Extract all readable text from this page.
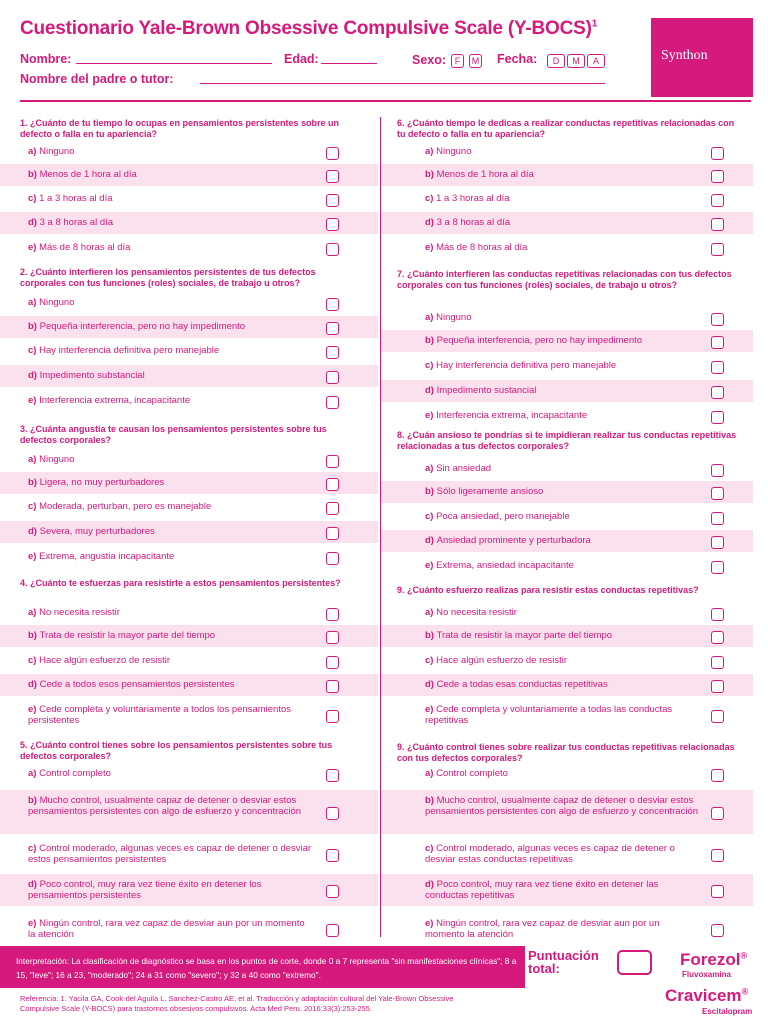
Cuestionario Yale-Brown Obsessive Compulsive Scale (Y-BOCS)$^1$
Synthon
Nombre:	Edad:	Sexo: F	M Fecha:	D	M	A
Nombre del padre o tutor:
1. ¿Cuánto de tu tiempo lo ocupas en pensamientos persistentes sobre un defecto o falla en tu apariencia?
a) Ninguno
b) Menos de 1 hora al día
c) 1 a 3 horas al día
d) 3 a 8 horas al día
e) Más de 8 horas al día
2. ¿Cuánto interfieren los pensamientos persistentes de tus defectos corporales con tus funciones (roles) sociales, de trabajo u otros?
a) Ninguno
b) Pequeña interferencia, pero no hay impedimento
c) Hay interferencia definitiva pero manejable
d) Impedimento substancial
e) Interferencia extrema, incapacitante
3. ¿Cuánta angustia te causan los pensamientos persistentes sobre tus defectos corporales?
a) Ninguno
b) Ligera, no muy perturbadores
c) Moderada, perturban, pero es manejable
d) Severa, muy perturbadores
e) Extrema, angustia incapacitante
4. ¿Cuánto te esfuerzas para resistirte a estos pensamientos persistentes?
a) No necesita resistir
b) Trata de resistir la mayor parte del tiempo
c) Hace algún esfuerzo de resistir
d) Cede a todos esos pensamientos persistentes
e) Cede completa y voluntariamente a todos los pensamientos persistentes
5. ¿Cuánto control tienes sobre los pensamientos persistentes sobre tus defectos corporales?
a) Control completo
b) Mucho control, usualmente capaz de detener o desviar estos pensamientos persistentes con algo de esfuerzo y concentración
c) Control moderado, algunas veces es capaz de detener o desviar estos pensamientos persistentes
d) Poco control, muy rara vez tiene éxito en detener los pensamientos persistentes
e) Ningún control, rara vez capaz de desviar aun por un momento la atención
6. ¿Cuánto tiempo le dedicas a realizar conductas repetitivas relacionadas con tu defecto o falla en tu apariencia?
a) Ninguno
b) Menos de 1 hora al día
c) 1 a 3 horas al día
d) 3 a 8 horas al día
e) Más de 8 horas al día
7. ¿Cuánto interfieren las conductas repetitivas relacionadas con tus defectos corporales con tus funciones (roles) sociales, de trabajo u otros?
a) Ninguno
b) Pequeña interferencia, pero no hay impedimento
c) Hay interferencia definitiva pero manejable
d) Impedimento sustancial
e) Interferencia extrema, incapacitante
8. ¿Cuán ansioso te pondrías si te impidieran realizar tus conductas repetitivas relacionadas a tus defectos corporales?
a) Sin ansiedad
b) Sólo ligeramente ansioso
c) Poca ansiedad, pero manejable
d) Ansiedad prominente y perturbadora
e) Extrema, ansiedad incapacitante
9. ¿Cuánto esfuerzo realizas para resistir estas conductas repetitivas?
a) No necesita resistir
b) Trata de resistir la mayor parte del tiempo
c) Hace algún esfuerzo de resistir
d) Cede a todas esas conductas repetitivas
e) Cede completa y voluntariamente a todas las conductas repetitivas
9. ¿Cuánto control tienes sobre realizar tus conductas repetitivas relacionadas con tus defectos corporales?
a) Control completo
b) Mucho control, usualmente capaz de detener o desviar estos pensamientos persistentes con algo de esfuerzo y concentración
c) Control moderado, algunas veces es capaz de detener o desviar estas conductas repetitivas
d) Poco control, muy rara vez tiene éxito en detener las conductas repetitivas
e) Ningún control, rara vez capaz de desviar aun por un momento la atención
Interpretación: La clasificación de diagnóstico se basa en los puntos de corte, donde 0 a 7 representa "sin manifestaciones clínicas"; 8 a 15, "leve"; 16 a 23, "moderado"; 24 a 31 como "severo"; y 32 a 40 como "extremo".
Puntuación total:
Referencia: 1. Yacila GA, Cook-del Aguila L, Sanchez-Castro AE, et al. Traducción y adaptación cultural del Yale-Brown Obsessive Compulsive Scale (Y-BOCS) para trastornos obsesivos compulsivos. Acta Med Peru. 2016;33(3):253-255.
Forezol®
Fluvoxamina
Cravicem®
Escitalopram
